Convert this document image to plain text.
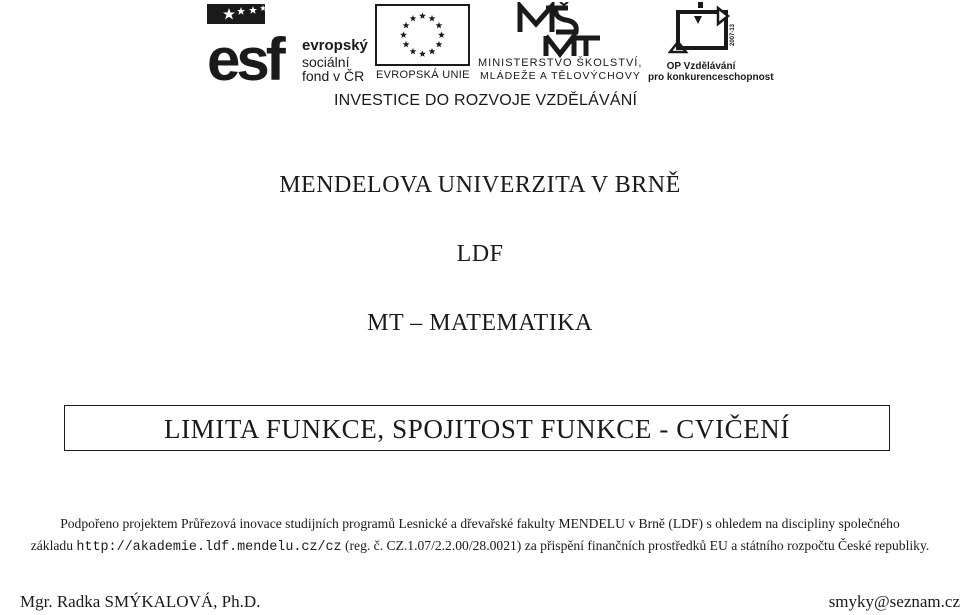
esf	evropský
sociální
fond v ČR EVROPSKÁ UNIE
MINISTERSTVO ŠKOLSTVÍ,
MLÁDEŽE A TĚLOVÝCHOVY
2007-13
OP Vzdělávání
pro konkurenceschopnost
INVESTICE DO ROZVOJE VZDĚLÁVÁNÍ
MENDELOVA UNIVERZITA V BRNĚ
LDF
MT – MATEMATIKA
LIMITA FUNKCE, SPOJITOST FUNKCE - CVIČENÍ
Podpořeno projektem Průřezová inovace studijních programů Lesnické a dřevařské fakulty MENDELU v Brně (LDF) s ohledem na discipliny společného
základu http://akademie.ldf.mendelu.cz/cz (reg. č. CZ.1.07/2.2.00/28.0021) za přispění finančních prostředků EU a státního rozpočtu České republiky.
Mgr. Radka SMÝKALOVÁ, Ph.D.	smyky@seznam.cz
